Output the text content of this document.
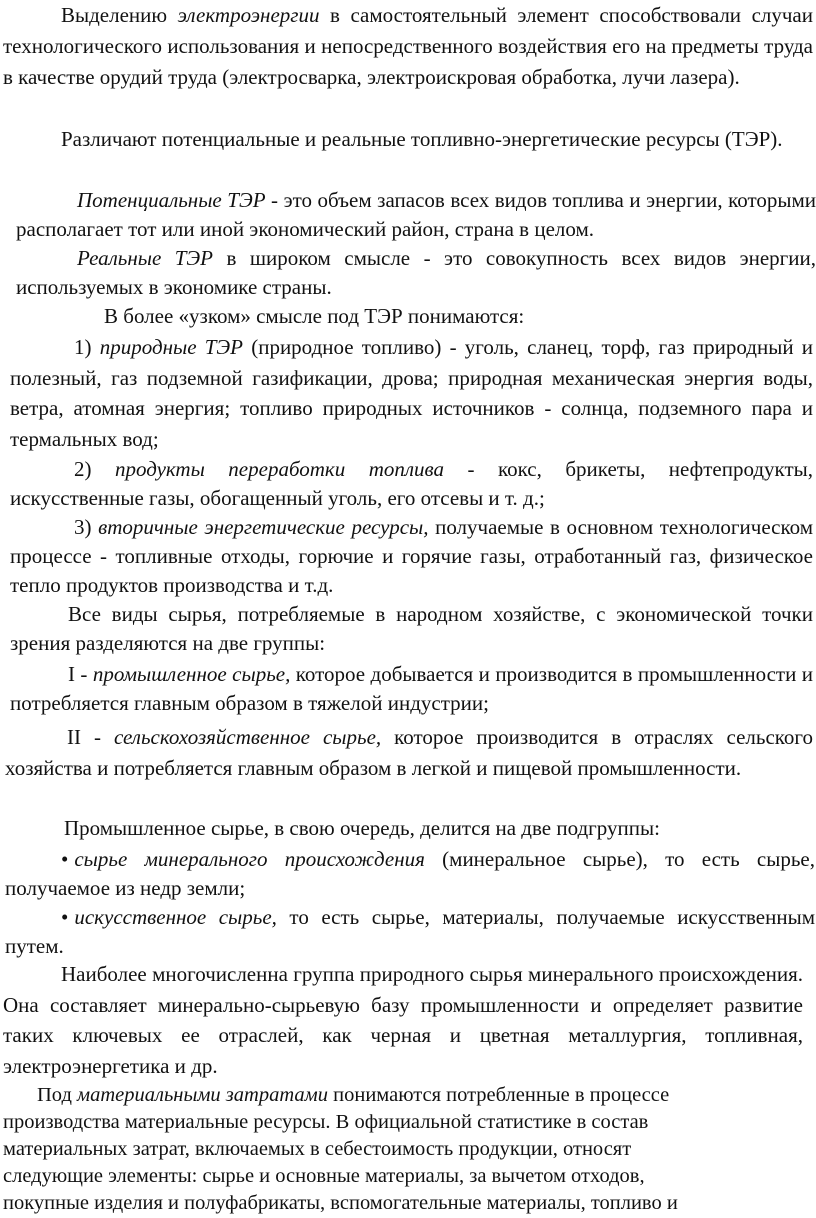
Выделению электроэнергии в самостоятельный элемент способствовали случаи технологического использования и непосредственного воздействия его на предметы труда в качестве орудий труда (электросварка, электроискровая обработка, лучи лазера).

Различают потенциальные и реальные топливно-энергетические ресурсы (ТЭР).

Потенциальные ТЭР - это объем запасов всех видов топлива и энергии, которыми располагает тот или иной экономический район, страна в целом.

Реальные ТЭР в широком смысле - это совокупность всех видов энергии, используемых в экономике страны.

В более «узком» смысле под ТЭР понимаются:

1) природные ТЭР (природное топливо) - уголь, сланец, торф, газ природный и полезный, газ подземной газификации, дрова; природная механическая энергия воды, ветра, атомная энергия; топливо природных источников - солнца, подземного пара и термальных вод;

2) продукты переработки топлива - кокс, брикеты, нефтепродукты, искусственные газы, обогащенный уголь, его отсевы и т. д.;

3) вторичные энергетические ресурсы, получаемые в основном технологическом процессе - топливные отходы, горючие и горячие газы, отработанный газ, физическое тепло продуктов производства и т.д.

Все виды сырья, потребляемые в народном хозяйстве, с экономической точки зрения разделяются на две группы:

I - промышленное сырье, которое добывается и производится в промышленности и потребляется главным образом в тяжелой индустрии;

II - сельскохозяйственное сырье, которое производится в отраслях сельского хозяйства и потребляется главным образом в легкой и пищевой промышленности.

Промышленное сырье, в свою очередь, делится на две подгруппы:

• сырье минерального происхождения (минеральное сырье), то есть сырье, получаемое из недр земли;

• искусственное сырье, то есть сырье, материалы, получаемые искусственным путем.

Наиболее многочисленна группа природного сырья минерального происхождения. Она составляет минерально-сырьевую базу промышленности и определяет развитие таких ключевых ее отраслей, как черная и цветная металлургия, топливная, электроэнергетика и др.

Под материальными затратами понимаются потребленные в процессе
производства материальные ресурсы. В официальной статистике в состав
материальных затрат, включаемых в себестоимость продукции, относят
следующие элементы: сырье и основные материалы, за вычетом отходов,
покупные изделия и полуфабрикаты, вспомогательные материалы, топливо и
